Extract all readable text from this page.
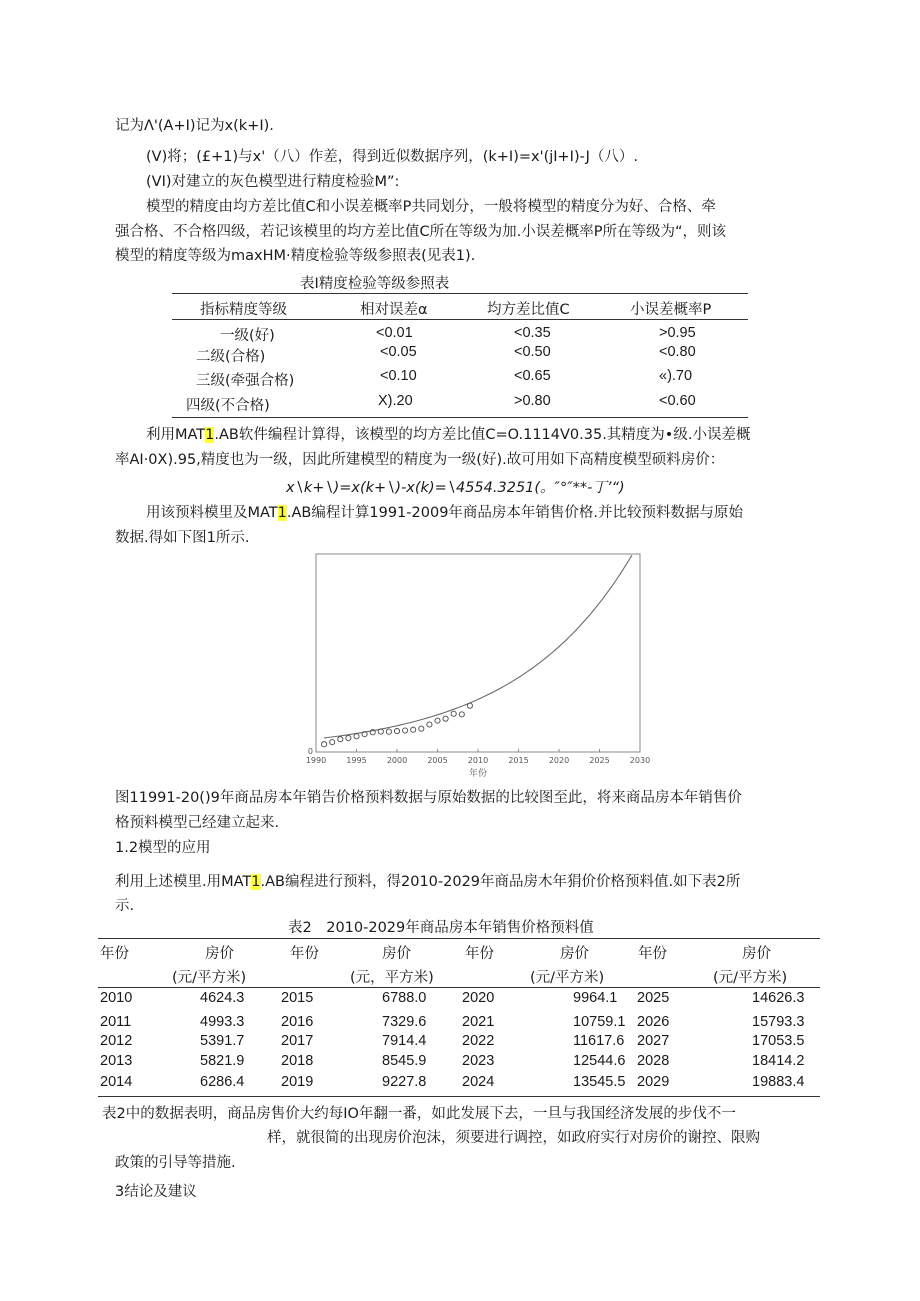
记为Λ'(A+I)记为x(k+I).
(V)将；(£+1)与x'（八）作差，得到近似数据序列，(k+I)=x'(jI+I)-J（八）.
(VI)对建立的灰色模型进行精度检验M”:
模型的精度由均方差比值C和小误差概率P共同划分，一般将模型的精度分为好、合格、牵
强合格、不合格四级，若记该模里的均方差比值C所在等级为加.小误差概率P所在等级为“，则该
模型的精度等级为maxHM·精度检验等级参照表(见表1).
表I精度检验等级参照表
指标精度等级	相对误差α	均方差比值C	小误差概率P
一级(好)	<0.01	<0.35	>0.95
二级(合格)	<0.05	<0.50	<0.80
三级(牵强合格)	<0.10	<0.65	«).70
四级(不合格)	X).20	>0.80	<0.60
利用MAT1.AB软件编程计算得，该模型的均方差比值C=O.1114V0.35.其精度为•级.小误差概
率AI·0X).95,精度也为一级，因此所建模型的精度为一级(好).故可用如下高精度模型硕料房价：
x∖k+∖)=x(k+∖)-x(k)=∖4554.3251(。″°″**-丁’“)
用该预料模里及MAT1.AB编程计算1991-2009年商品房本年销售价格.并比较预料数据与原始
数据.得如下图1所示.
1990	1995	2000	2005	2010	2015	2020	2025	2030
0
年份
图11991-20()9年商品房本年销告价格预料数据与原始数据的比较图至此，将来商品房本年销售价
格预料模型己经建立起来.
1.2模型的应用
利用上述模里.用MAT1.AB编程进行预料，得2010-2029年商品房木年狷价价格预料值.如下表2所
示.
表2　2010-2029年商品房本年销售价格预料值
年份	房价	年份	房价	年份	房价	年份	房价
(元/平方米)	(元，平方米)	(元/平方米)	(元/平方米)
2010	4624.3	2015	6788.0 2020	9964.1 2025	14626.3
2011	4993.3	2016	7329.6 2021	10759.1 2026	15793.3
2012	5391.7	2017	7914.4 2022	11617.6 2027	17053.5
2013	5821.9	2018	8545.9 2023	12544.6 2028	18414.2
2014	6286.4	2019	9227.8 2024	13545.5 2029	19883.4
表2中的数据表明，商品房售价大约每IO年翻一番，如此发展下去，一旦与我国经济发展的步伐不一
样，就很简的出现房价泡沫，须要进行调控，如政府实行对房价的谢控、限购
政策的引导等措施.
3结论及建议
